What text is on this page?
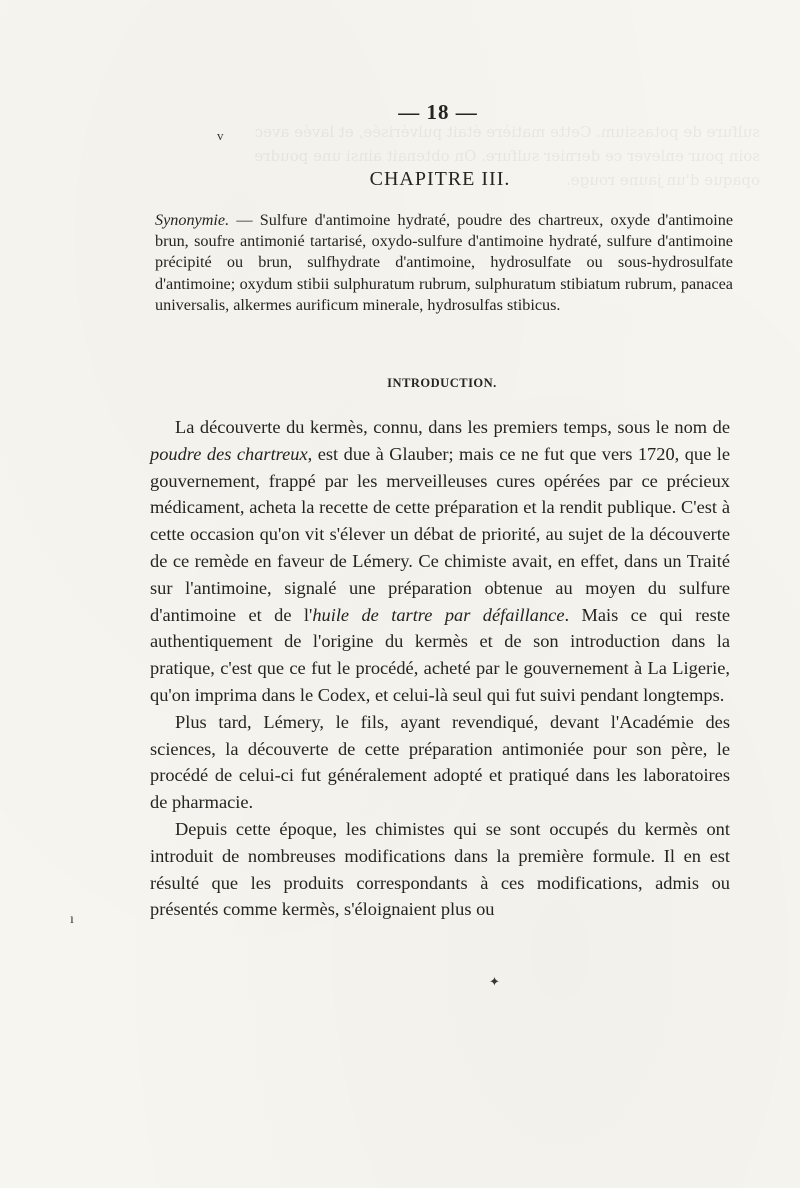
sulfure de potassium. Cette matière était pulvérisée, et lavée avec
soin pour enlever ce dernier sulfure. On obtenait ainsi une poudre
opaque d'un jaune rouge.
— 18 —
v
CHAPITRE III.
Synonymie. — Sulfure d'antimoine hydraté, poudre des chartreux, oxyde d'antimoine brun, soufre antimonié tartarisé, oxydo-sulfure d'antimoine hydraté, sulfure d'antimoine précipité ou brun, sulfhydrate d'antimoine, hydrosulfate ou sous-hydrosulfate d'antimoine; oxydum stibii sulphuratum rubrum, sulphuratum stibiatum rubrum, panacea universalis, alkermes aurificum minerale, hydrosulfas stibicus.
INTRODUCTION.

La découverte du kermès, connu, dans les premiers temps, sous le nom de poudre des chartreux, est due à Glauber; mais ce ne fut que vers 1720, que le gouvernement, frappé par les merveilleuses cures opérées par ce précieux médicament, acheta la recette de cette préparation et la rendit publique. C'est à cette occasion qu'on vit s'élever un débat de priorité, au sujet de la découverte de ce remède en faveur de Lémery. Ce chimiste avait, en effet, dans un Traité sur l'antimoine, signalé une préparation obtenue au moyen du sulfure d'antimoine et de l'huile de tartre par défaillance. Mais ce qui reste authentiquement de l'origine du kermès et de son introduction dans la pratique, c'est que ce fut le procédé, acheté par le gouvernement à La Ligerie, qu'on imprima dans le Codex, et celui-là seul qui fut suivi pendant longtemps.

Plus tard, Lémery, le fils, ayant revendiqué, devant l'Académie des sciences, la découverte de cette préparation antimoniée pour son père, le procédé de celui-ci fut généralement adopté et pratiqué dans les laboratoires de pharmacie.

Depuis cette époque, les chimistes qui se sont occupés du kermès ont introduit de nombreuses modifications dans la première formule. Il en est résulté que les produits correspondants à ces modifications, admis ou présentés comme kermès, s'éloignaient plus ou

ı
✦
